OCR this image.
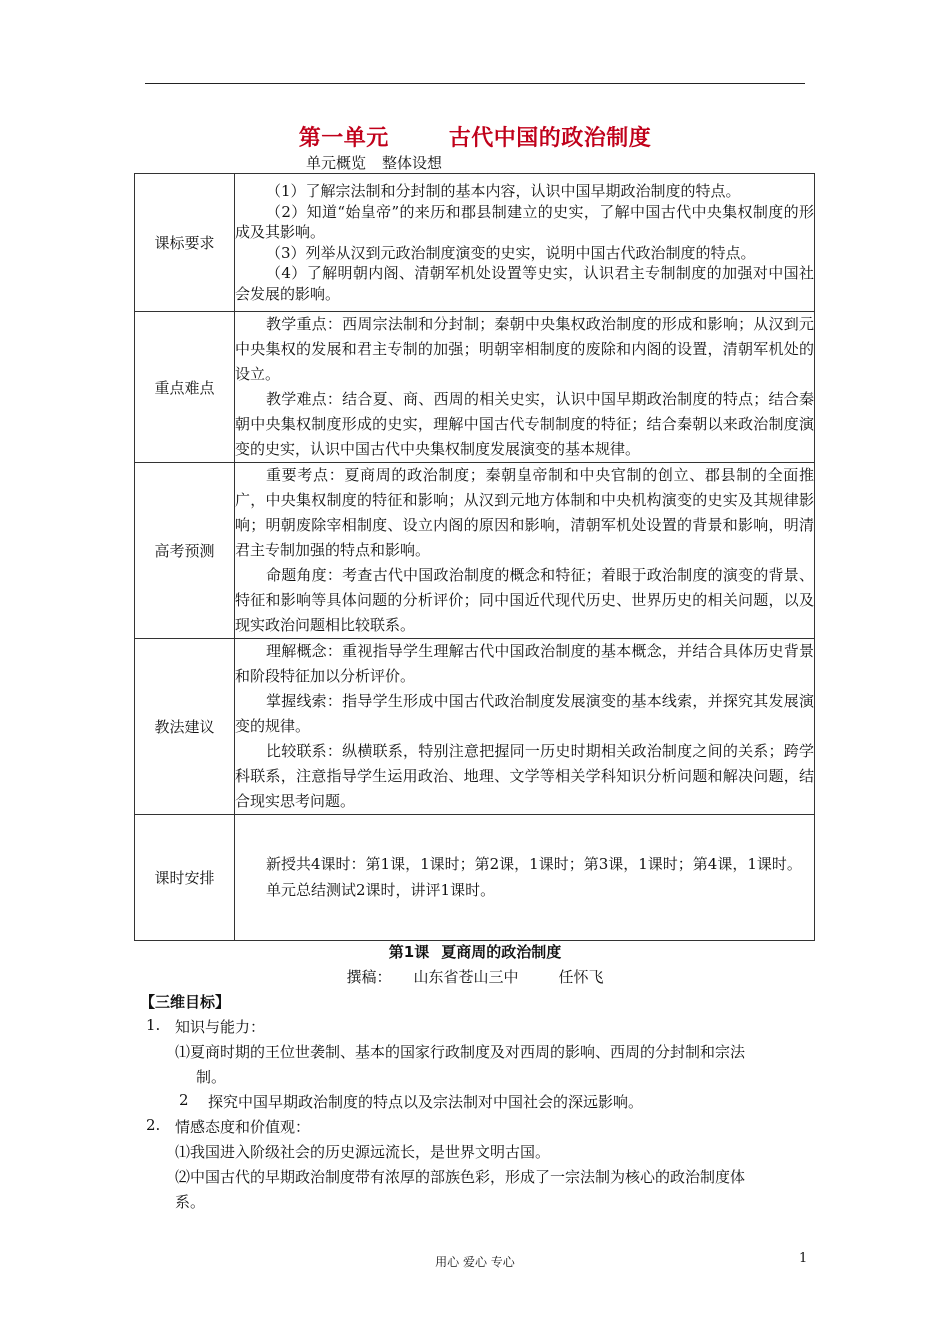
第一单元	古代中国的政治制度
单元概览 整体设想
课标要求	（1）了解宗法制和分封制的基本内容，认识中国早期政治制度的特点。

（2）知道“始皇帝”的来历和郡县制建立的史实，了解中国古代中央集权制度的形成及其影响。

（3）列举从汉到元政治制度演变的史实，说明中国古代政治制度的特点。

（4）了解明朝内阁、清朝军机处设置等史实，认识君主专制制度的加强对中国社会发展的影响。

重点难点	教学重点：西周宗法制和分封制；秦朝中央集权政治制度的形成和影响；从汉到元中央集权的发展和君主专制的加强；明朝宰相制度的废除和内阁的设置，清朝军机处的设立。

教学难点：结合夏、商、西周的相关史实，认识中国早期政治制度的特点；结合秦朝中央集权制度形成的史实，理解中国古代专制制度的特征；结合秦朝以来政治制度演变的史实，认识中国古代中央集权制度发展演变的基本规律。

高考预测	重要考点：夏商周的政治制度；秦朝皇帝制和中央官制的创立、郡县制的全面推广，中央集权制度的特征和影响；从汉到元地方体制和中央机构演变的史实及其规律影响；明朝废除宰相制度、设立内阁的原因和影响，清朝军机处设置的背景和影响，明清君主专制加强的特点和影响。

命题角度：考查古代中国政治制度的概念和特征；着眼于政治制度的演变的背景、特征和影响等具体问题的分析评价；同中国近代现代历史、世界历史的相关问题，以及现实政治问题相比较联系。

教法建议	理解概念：重视指导学生理解古代中国政治制度的基本概念，并结合具体历史背景和阶段特征加以分析评价。

掌握线索：指导学生形成中国古代政治制度发展演变的基本线索，并探究其发展演变的规律。

比较联系：纵横联系，特别注意把握同一历史时期相关政治制度之间的关系；跨学科联系，注意指导学生运用政治、地理、文学等相关学科知识分析问题和解决问题，结合现实思考问题。

课时安排	新授共4课时：第1课，1课时；第2课，1课时；第3课，1课时；第4课，1课时。

单元总结测试2课时，讲评1课时。

第1课 夏商周的政治制度
撰稿： 山东省苍山三中	任怀飞
【三维目标】
1. 知识与能力：
⑴夏商时期的王位世袭制、基本的国家行政制度及对西周的影响、西周的分封制和宗法
制。
2 探究中国早期政治制度的特点以及宗法制对中国社会的深远影响。
2. 情感态度和价值观：
⑴我国进入阶级社会的历史源远流长，是世界文明古国。
⑵中国古代的早期政治制度带有浓厚的部族色彩，形成了一宗法制为核心的政治制度体
系。
用心 爱心 专心	1
